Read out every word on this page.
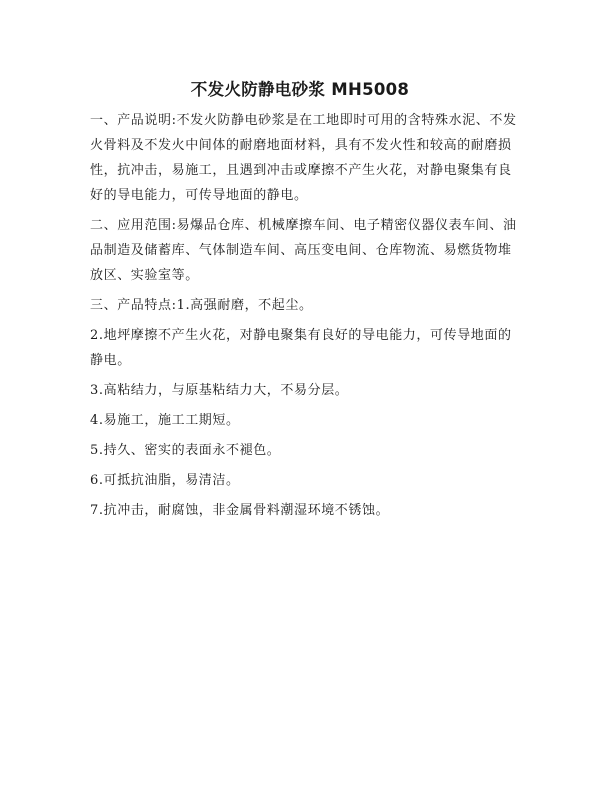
不发火防静电砂浆 MH5008

一、产品说明:不发火防静电砂浆是在工地即时可用的含特殊水泥、不发火骨料及不发火中间体的耐磨地面材料，具有不发火性和较高的耐磨损性，抗冲击，易施工，且遇到冲击或摩擦不产生火花，对静电聚集有良好的导电能力，可传导地面的静电。

二、应用范围:易爆品仓库、机械摩擦车间、电子精密仪器仪表车间、油品制造及储蓄库、气体制造车间、高压变电间、仓库物流、易燃货物堆放区、实验室等。

三、产品特点:1.高强耐磨，不起尘。

2.地坪摩擦不产生火花，对静电聚集有良好的导电能力，可传导地面的静电。

3.高粘结力，与原基粘结力大，不易分层。

4.易施工，施工工期短。

5.持久、密实的表面永不褪色。

6.可抵抗油脂，易清洁。

7.抗冲击，耐腐蚀，非金属骨料潮湿环境不锈蚀。
